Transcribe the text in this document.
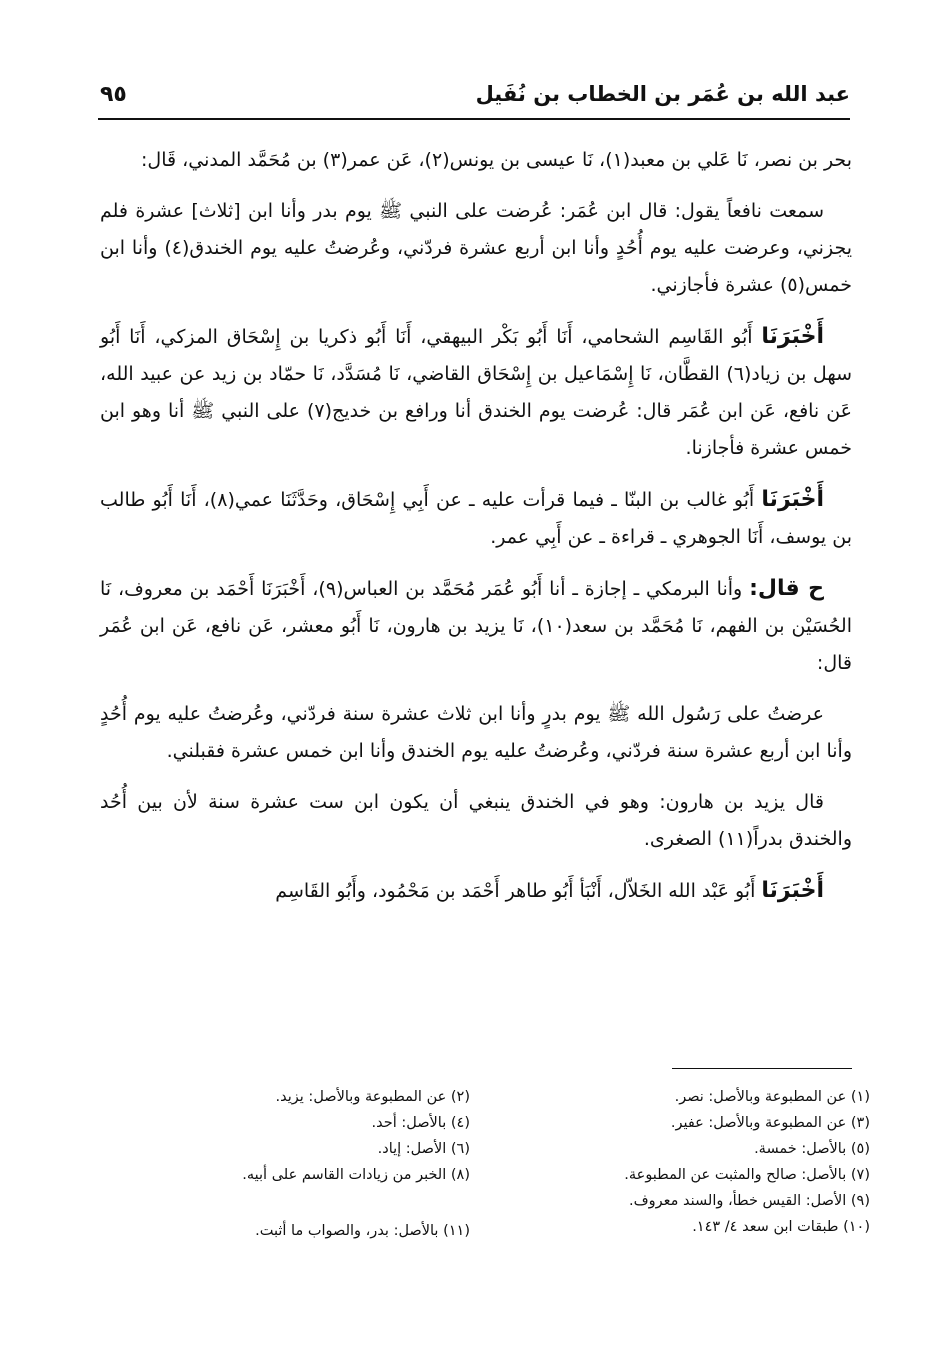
عبد الله بن عُمَر بن الخطاب بن نُفَيل
٩٥

بحر بن نصر، نَا عَلي بن معبد(١)، نَا عيسى بن يونس(٢)، عَن عمر(٣) بن مُحَمَّد المدني، قَال:

سمعت نافعاً يقول: قال ابن عُمَر: عُرضت على النبي ﷺ يوم بدر وأنا ابن [ثلاث] عشرة فلم يجزني، وعرضت عليه يوم أُحُدٍ وأنا ابن أربع عشرة فردّني، وعُرضتُ عليه يوم الخندق(٤) وأنا ابن خمس(٥) عشرة فأجازني.

أَخْبَرَنَا أَبُو القَاسِم الشحامي، أَنَا أَبُو بَكْر البيهقي، أَنَا أَبُو ذكريا بن إِسْحَاق المزكي، أَنَا أَبُو سهل بن زياد(٦) القطَّان، نَا إِسْمَاعيل بن إِسْحَاق القاضي، نَا مُسَدَّد، نَا حمّاد بن زيد عن عبيد الله، عَن نافع، عَن ابن عُمَر قال: عُرضت يوم الخندق أنا ورافع بن خديج(٧) على النبي ﷺ أنا وهو ابن خمس عشرة فأجازنا.

أَخْبَرَنَا أَبُو غالب بن البنّا ـ فيما قرأت عليه ـ عن أَبِي إِسْحَاق، وحَدَّثَنَا عمي(٨)، أَنَا أَبُو طالب بن يوسف، أَنَا الجوهري ـ قراءة ـ عن أَبِي عمر.

ح قال: وأنا البرمكي ـ إجازة ـ أنا أَبُو عُمَر مُحَمَّد بن العباس(٩)، أَخْبَرَنَا أَحْمَد بن معروف، نَا الحُسَيْن بن الفهم، نَا مُحَمَّد بن سعد(١٠)، نَا يزيد بن هارون، نَا أَبُو معشر، عَن نافع، عَن ابن عُمَر قال:

عرضتُ على رَسُول الله ﷺ يوم بدرٍ وأنا ابن ثلاث عشرة سنة فردّني، وعُرضتُ عليه يوم أُحُدٍ وأنا ابن أربع عشرة سنة فردّني، وعُرضتُ عليه يوم الخندق وأنا ابن خمس عشرة فقبلني.

قال يزيد بن هارون: وهو في الخندق ينبغي أن يكون ابن ست عشرة سنة لأن بين أُحُد والخندق بدراً(١١) الصغرى.

أَخْبَرَنَا أَبُو عَبْد الله الخَلاّل، أَنْبَأ أَبُو طاهر أَحْمَد بن مَحْمُود، وأَبُو القَاسِم

(١) عن المطبوعة وبالأصل: نصر.
(٣) عن المطبوعة وبالأصل: عفير.
(٥) بالأصل: خمسة.
(٧) بالأصل: صالح والمثبت عن المطبوعة.
(٩) الأصل: القيس خطأ، والسند معروف.
(١٠) طبقات ابن سعد ٤/ ١٤٣.
(٢) عن المطبوعة وبالأصل: يزيد.
(٤) بالأصل: أحد.
(٦) الأصل: إياد.
(٨) الخبر من زيادات القاسم على أبيه.
(١١) بالأصل: بدر، والصواب ما أثبت.
